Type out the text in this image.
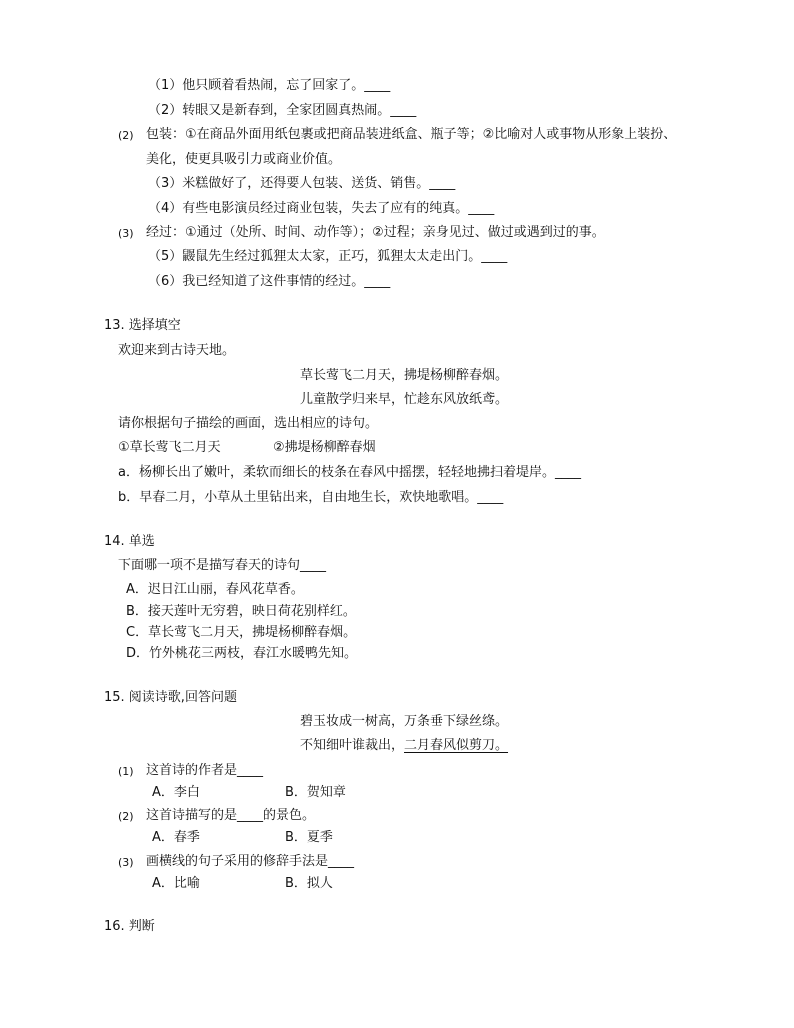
（1）他只顾着看热闹，忘了回家了。____
（2）转眼又是新春到，全家团圆真热闹。____
(2) 包装：①在商品外面用纸包裹或把商品装进纸盒、瓶子等；②比喻对人或事物从形象上装扮、
美化，使更具吸引力或商业价值。
（3）米糕做好了，还得要人包装、送货、销售。____
（4）有些电影演员经过商业包装，失去了应有的纯真。____
(3) 经过：①通过（处所、时间、动作等）；②过程；亲身见过、做过或遇到过的事。
（5）鼹鼠先生经过狐狸太太家，正巧，狐狸太太走出门。____
（6）我已经知道了这件事情的经过。____
13. 选择填空
欢迎来到古诗天地。
草长莺飞二月天，拂堤杨柳醉春烟。
儿童散学归来早，忙趁东风放纸鸢。
请你根据句子描绘的画面，选出相应的诗句。
①草长莺飞二月天	②拂堤杨柳醉春烟
a．杨柳长出了嫩叶，柔软而细长的枝条在春风中摇摆，轻轻地拂扫着堤岸。____
b．早春二月，小草从土里钻出来，自由地生长，欢快地歌唱。____
14. 单选
下面哪一项不是描写春天的诗句____
A．迟日江山丽，春风花草香。
B．接天莲叶无穷碧，映日荷花别样红。
C．草长莺飞二月天，拂堤杨柳醉春烟。
D．竹外桃花三两枝，春江水暖鸭先知。
15. 阅读诗歌,回答问题
碧玉妆成一树高，万条垂下绿丝绦。
不知细叶谁裁出，二月春风似剪刀。
(1) 这首诗的作者是____
A．李白	B．贺知章
(2) 这首诗描写的是____的景色。
A．春季	B．夏季
(3) 画横线的句子采用的修辞手法是____
A．比喻	B．拟人
16. 判断
